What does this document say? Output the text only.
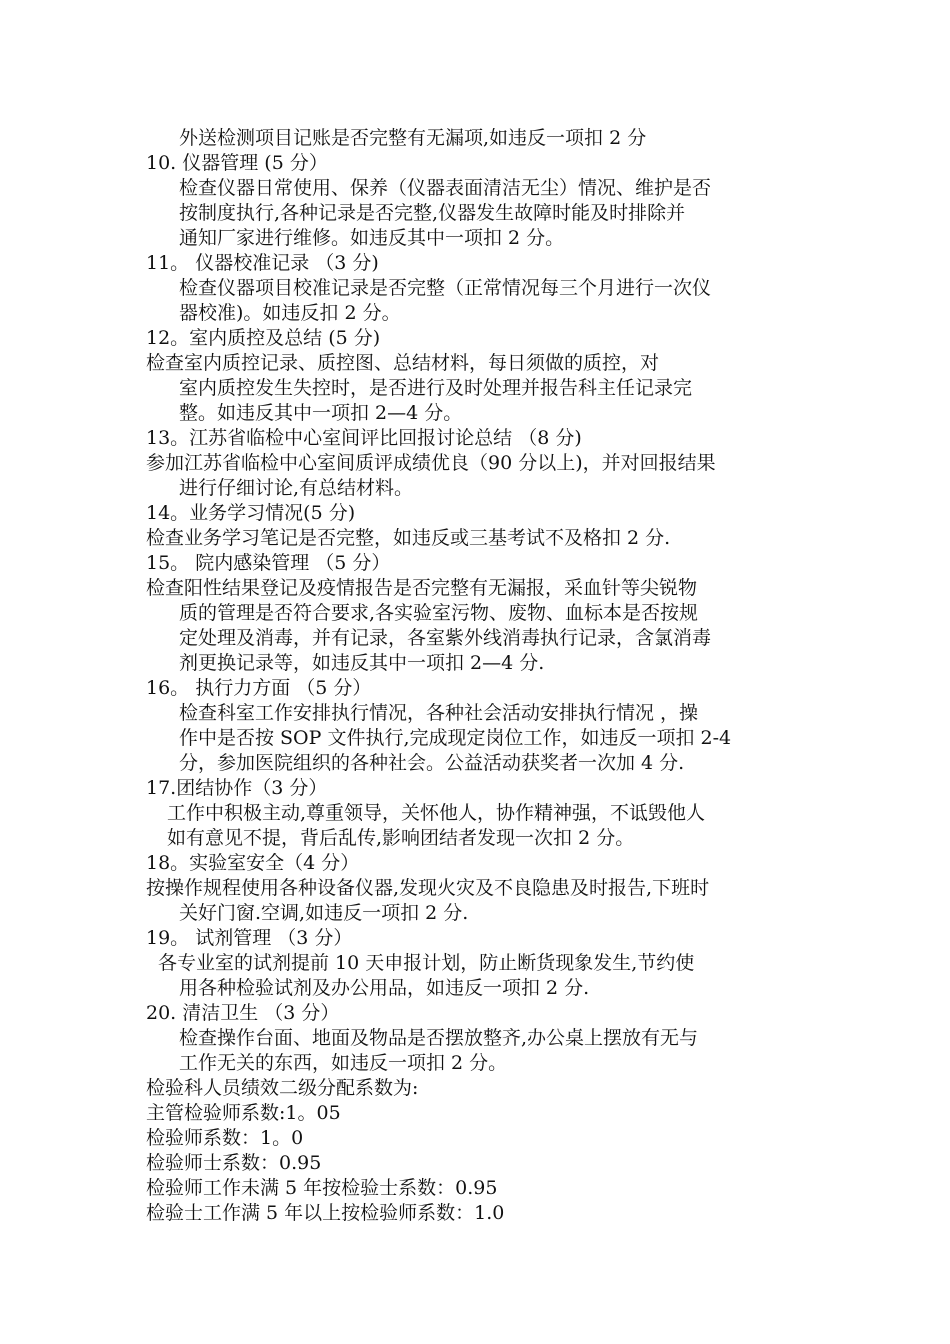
外送检测项目记账是否完整有无漏项,如违反一项扣 2 分
10. 仪器管理 (5 分）
检查仪器日常使用、保养（仪器表面清洁无尘）情况、维护是否
按制度执行,各种记录是否完整,仪器发生故障时能及时排除并
通知厂家进行维修。如违反其中一项扣 2 分。
11。 仪器校准记录 （3 分)
检查仪器项目校准记录是否完整（正常情况每三个月进行一次仪
器校准)。如违反扣 2 分。
12。室内质控及总结 (5 分)
检查室内质控记录、质控图、总结材料，每日须做的质控，对
室内质控发生失控时，是否进行及时处理并报告科主任记录完
整。如违反其中一项扣 2—4 分。
13。江苏省临检中心室间评比回报讨论总结 （8 分)
参加江苏省临检中心室间质评成绩优良（90 分以上)，并对回报结果
进行仔细讨论,有总结材料。
14。业务学习情况(5 分)
检查业务学习笔记是否完整，如违反或三基考试不及格扣 2 分.
15。 院内感染管理 （5 分）
检查阳性结果登记及疫情报告是否完整有无漏报，采血针等尖锐物
质的管理是否符合要求,各实验室污物、废物、血标本是否按规
定处理及消毒，并有记录，各室紫外线消毒执行记录，含氯消毒
剂更换记录等，如违反其中一项扣 2—4 分.
16。 执行力方面 （5 分）
检查科室工作安排执行情况，各种社会活动安排执行情况 ，操
作中是否按 SOP 文件执行,完成现定岗位工作，如违反一项扣 2-4
分，参加医院组织的各种社会。公益活动获奖者一次加 4 分.
17.团结协作（3 分）
工作中积极主动,尊重领导，关怀他人，协作精神强，不诋毁他人
如有意见不提，背后乱传,影响团结者发现一次扣 2 分。
18。实验室安全（4 分）
按操作规程使用各种设备仪器,发现火灾及不良隐患及时报告,下班时
关好门窗.空调,如违反一项扣 2 分.
19。 试剂管理 （3 分）
各专业室的试剂提前 10 天申报计划，防止断货现象发生,节约使
用各种检验试剂及办公用品，如违反一项扣 2 分.
20. 清洁卫生 （3 分）
检查操作台面、地面及物品是否摆放整齐,办公桌上摆放有无与
工作无关的东西，如违反一项扣 2 分。
检验科人员绩效二级分配系数为:
主管检验师系数:1。05
检验师系数：1。0
检验师士系数：0.95
检验师工作未满 5 年按检验士系数：0.95
检验士工作满 5 年以上按检验师系数：1.0
